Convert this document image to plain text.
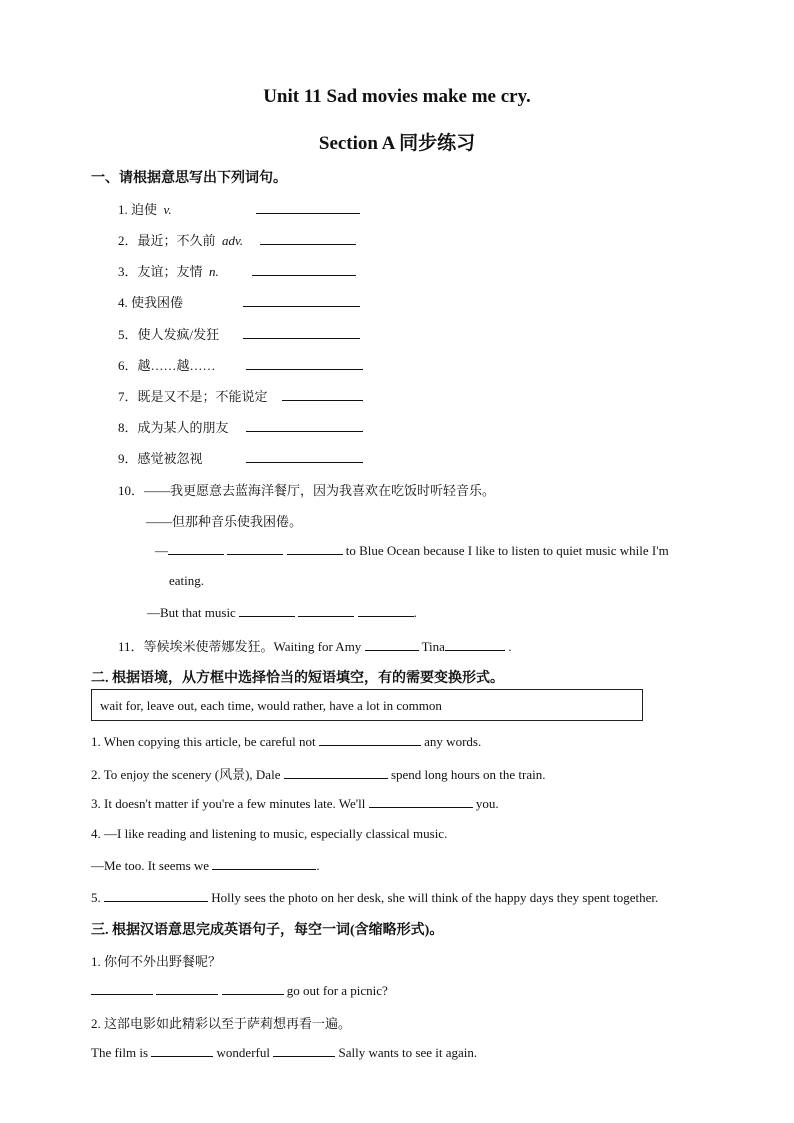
Unit 11 Sad movies make me cry.
Section A 同步练习
一、请根据意思写出下列词句。
1. 迫使 v.
2．最近；不久前 adv.
3．友谊；友情 n.
4. 使我困倦
5．使人发疯/发狂
6．越……越……
7．既是又不是；不能说定
8．成为某人的朋友
9．感觉被忽视
10．——我更愿意去蓝海洋餐厅，因为我喜欢在吃饭时听轻音乐。
——但那种音乐使我困倦。
—	to Blue Ocean because I like to listen to quiet music while I'm
eating.
—But that music	.
11．等候埃米使蒂娜发狂。Waiting for Amy	Tina	.
二. 根据语境，从方框中选择恰当的短语填空，有的需要变换形式。
wait for, leave out, each time, would rather, have a lot in common
1. When copying this article, be careful not	any words.
2. To enjoy the scenery (风景), Dale	spend long hours on the train.
3. It doesn't matter if you're a few minutes late. We'll	you.
4. —I like reading and listening to music, especially classical music.
—Me too. It seems we	.
5.	Holly sees the photo on her desk, she will think of the happy days they spent together.
三. 根据汉语意思完成英语句子，每空一词(含缩略形式)。
1. 你何不外出野餐呢？
go out for a picnic?
2. 这部电影如此精彩以至于萨莉想再看一遍。
The film is	wonderful	Sally wants to see it again.
